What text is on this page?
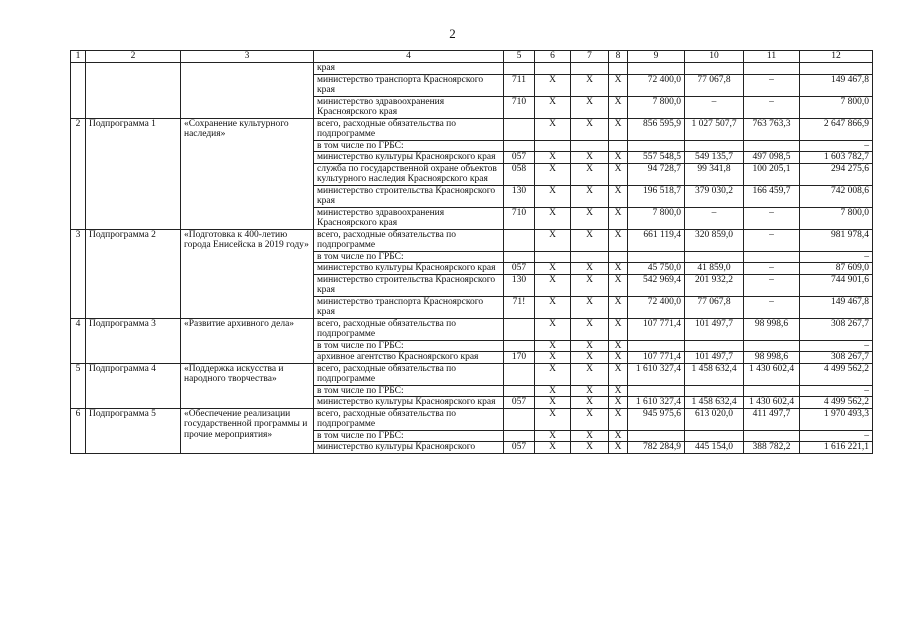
2
1	2	3	4	5	6	7	8	9	10	11	12
			края								
			министерство транспорта Красноярского края	711	Х	Х	Х	72 400,0	77 067,8	–	149 467,8
			министерство здравоохранения Красноярского края	710	Х	Х	Х	7 800,0	–	–	7 800,0
2	Подпрограмма 1	«Сохранение культурного наследия»	всего, расходные обязательства по подпрограмме		Х	Х	Х	856 595,9	1 027 507,7	763 763,3	2 647 866,9
			в том числе по ГРБС:								–
			министерство культуры Красноярского края	057	Х	Х	Х	557 548,5	549 135,7	497 098,5	1 603 782,7
			служба по государственной охране объектов культурного наследия Красноярского края	058	Х	Х	Х	94 728,7	99 341,8	100 205,1	294 275,6
			министерство строительства Красноярского края	130	Х	Х	Х	196 518,7	379 030,2	166 459,7	742 008,6
			министерство здравоохранения Красноярского края	710	Х	Х	Х	7 800,0	–	–	7 800,0
3	Подпрограмма 2	«Подготовка к 400-летию города Енисейска в 2019 году»	всего, расходные обязательства по подпрограмме		Х	Х	Х	661 119,4	320 859,0	–	981 978,4
			в том числе по ГРБС:								–
			министерство культуры Красноярского края	057	Х	Х	Х	45 750,0	41 859,0	–	87 609,0
			министерство строительства Красноярского края	130	Х	Х	Х	542 969,4	201 932,2	–	744 901,6
			министерство транспорта Красноярского края	71!	Х	Х	Х	72 400,0	77 067,8	–	149 467,8
4	Подпрограмма 3	«Развитие архивного дела»	всего, расходные обязательства по подпрограмме		Х	Х	Х	107 771,4	101 497,7	98 998,6	308 267,7
			в том числе по ГРБС:		Х	Х	Х				–
			архивное агентство Красноярского края	170	Х	Х	Х	107 771,4	101 497,7	98 998,6	308 267,7
5	Подпрограмма 4	«Поддержка искусства и народного творчества»	всего, расходные обязательства по подпрограмме		Х	Х	Х	1 610 327,4	1 458 632,4	1 430 602,4	4 499 562,2
			в том числе по ГРБС:		Х	Х	Х				–
			министерство культуры Красноярского края	057	Х	Х	Х	1 610 327,4	1 458 632,4	1 430 602,4	4 499 562,2
6	Подпрограмма 5	«Обеспечение реализации государственной программы и прочие мероприятия»	всего, расходные обязательства по подпрограмме		Х	Х	Х	945 975,6	613 020,0	411 497,7	1 970 493,3
			в том числе по ГРБС:		Х	Х	Х				–
			министерство культуры Красноярского	057	Х	Х	Х	782 284,9	445 154,0	388 782,2	1 616 221,1
